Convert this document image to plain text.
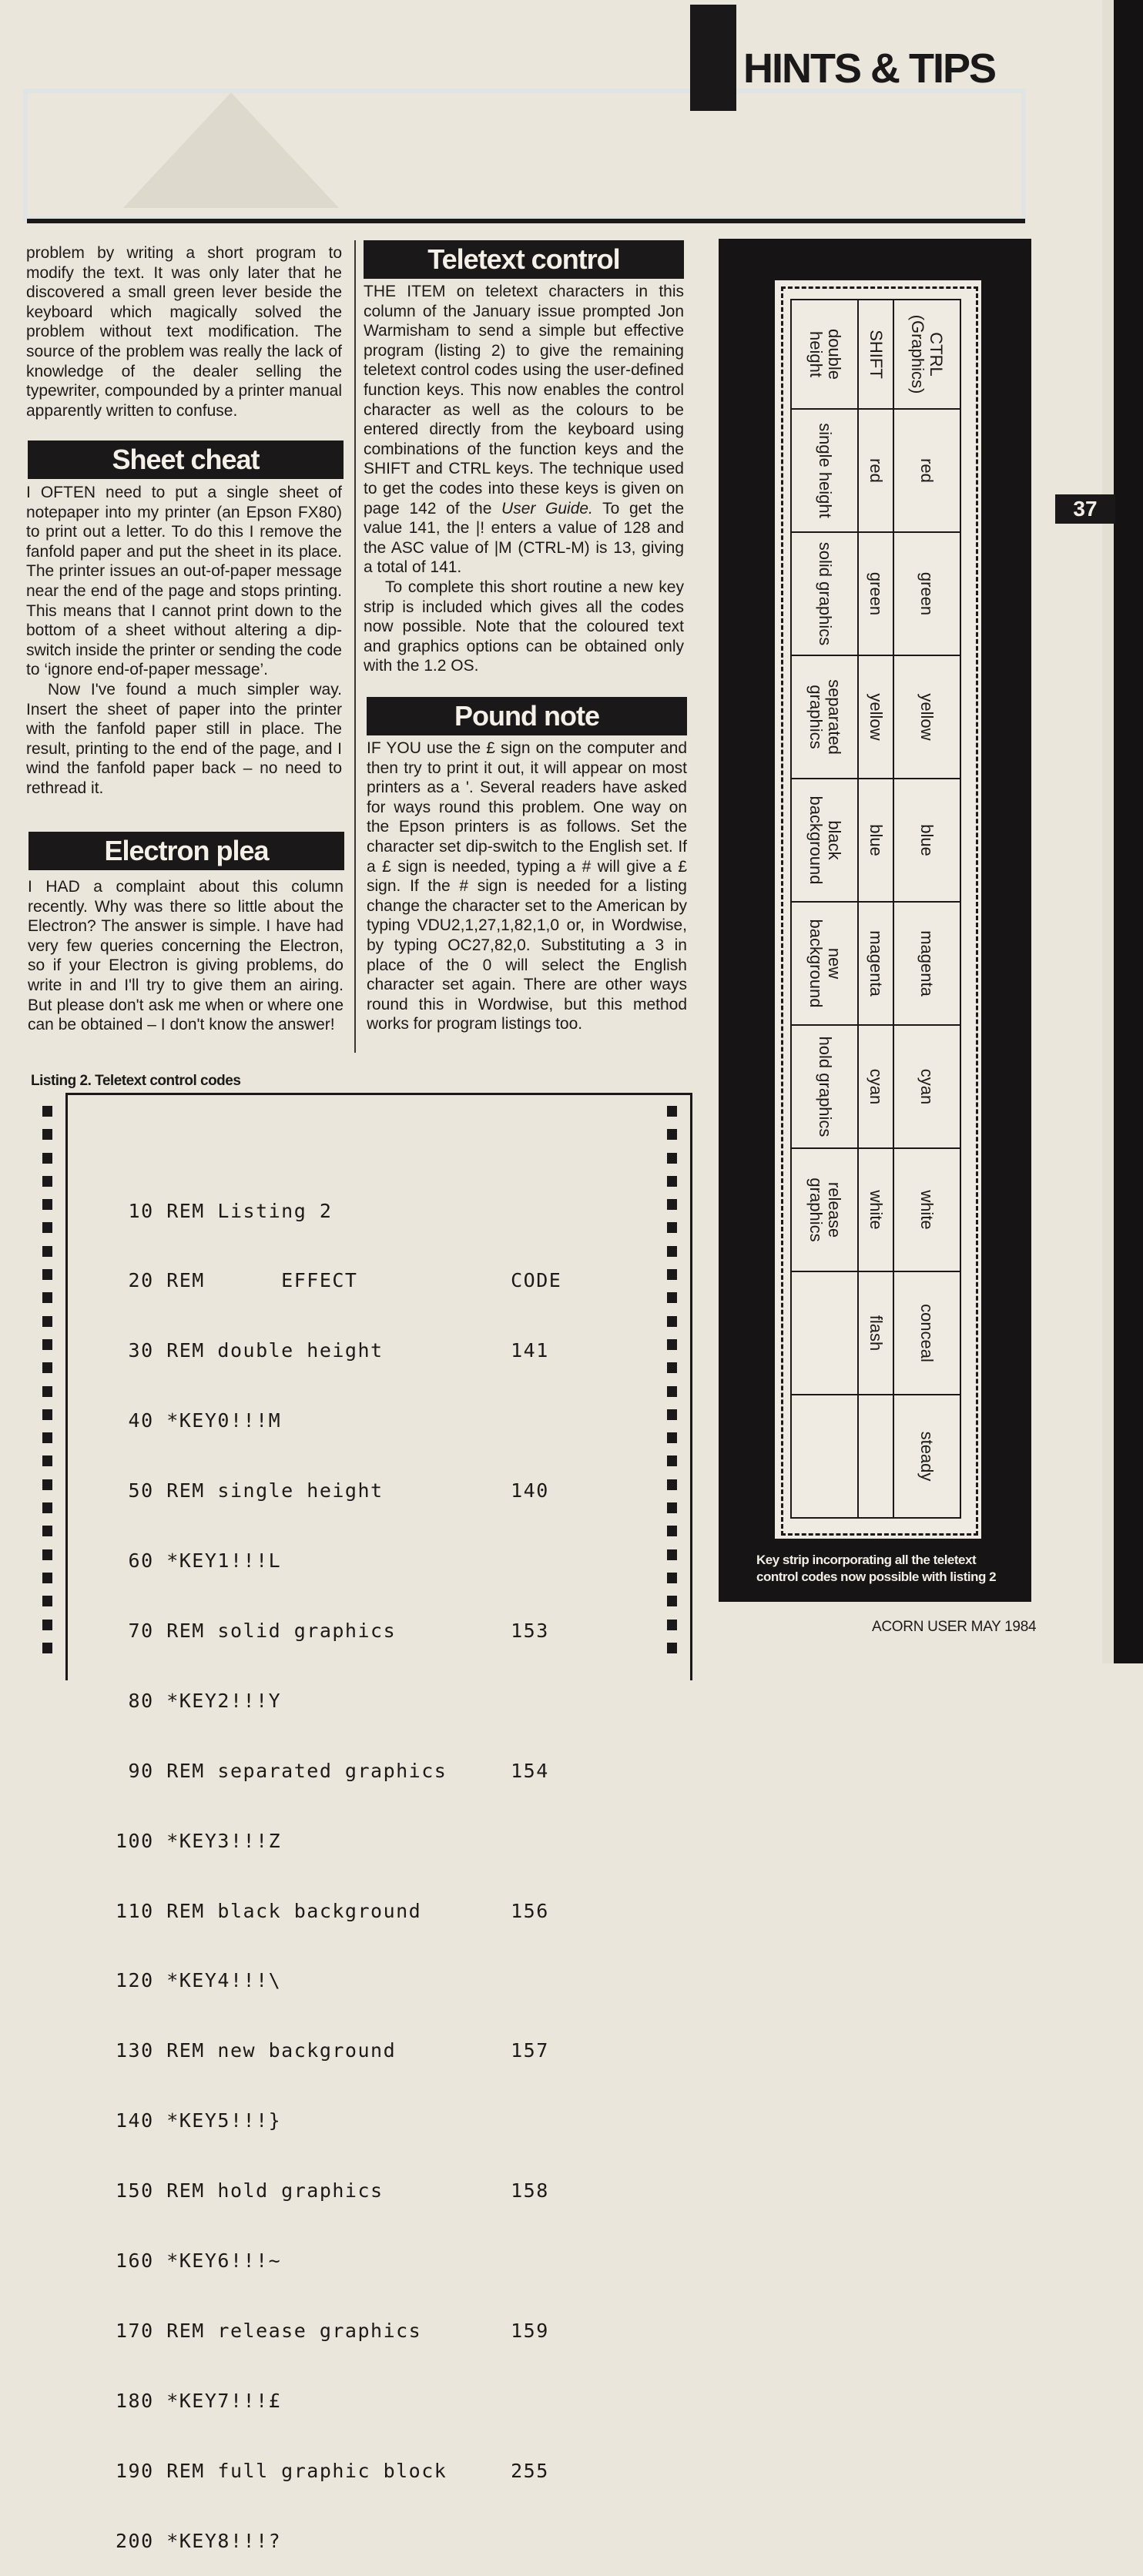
HINTS & TIPS
37

problem by writing a short program to modify the text. It was only later that he discovered a small green lever beside the keyboard which magically solved the problem without text modification. The source of the problem was really the lack of knowledge of the dealer selling the typewriter, compounded by a printer manual apparently written to confuse.

Sheet cheat

I OFTEN need to put a single sheet of notepaper into my printer (an Epson FX80) to print out a letter. To do this I remove the fanfold paper and put the sheet in its place. The printer issues an out-of-paper message near the end of the page and stops printing. This means that I cannot print down to the bottom of a sheet without altering a dip-switch inside the printer or sending the code to ‘ignore end-of-paper message’.

Now I've found a much simpler way. Insert the sheet of paper into the printer with the fanfold paper still in place. The result, printing to the end of the page, and I wind the fanfold paper back – no need to rethread it.

Electron plea

I HAD a complaint about this column recently. Why was there so little about the Electron? The answer is simple. I have had very few queries concerning the Electron, so if your Electron is giving problems, do write in and I'll try to give them an airing. But please don't ask me when or where one can be obtained – I don't know the answer!

Teletext control

THE ITEM on teletext characters in this column of the January issue prompted Jon Warmisham to send a simple but effective program (listing 2) to give the remaining teletext control codes using the user-defined function keys. This now enables the control character as well as the colours to be entered directly from the keyboard using combinations of the function keys and the SHIFT and CTRL keys. The technique used to get the codes into these keys is given on page 142 of the User Guide. To get the value 141, the |! enters a value of 128 and the ASC value of |M (CTRL-M) is 13, giving a total of 141.

To complete this short routine a new key strip is included which gives all the codes now possible. Note that the coloured text and graphics options can be obtained only with the 1.2 OS.

Pound note

IF YOU use the £ sign on the computer and then try to print it out, it will appear on most printers as a '. Several readers have asked for ways round this problem. One way on the Epson printers is as follows. Set the character set dip-switch to the English set. If a £ sign is needed, typing a # will give a £ sign. If the # sign is needed for a listing change the character set to the American by typing VDU2,1,27,1,82,1,0 or, in Wordwise, by typing OC27,82,0. Substituting a 3 in place of the 0 will select the English character set again. There are other ways round this in Wordwise, but this method works for program listings too.

Listing 2. Teletext control codes

10 REM Listing 2

20 REM      EFFECT            CODE

30 REM double height          141

40 *KEY0!!!M

50 REM single height          140

60 *KEY1!!!L

70 REM solid graphics         153

80 *KEY2!!!Y

90 REM separated graphics     154

100 *KEY3!!!Z

110 REM black background       156

120 *KEY4!!!\

130 REM new background         157

140 *KEY5!!!}

150 REM hold graphics          158

160 *KEY6!!!~

170 REM release graphics       159

180 *KEY7!!!£

190 REM full graphic block     255

200 *KEY8!!!?

CTRL (Graphics)	red	green	yellow	blue	magenta	cyan	white	conceal	steady
SHIFT	red	green	yellow	blue	magenta	cyan	white	flash	
double height	single height	solid graphics	separated graphics	black background	new background	hold graphics	release graphics		
Key strip incorporating all the teletext control codes now possible with listing 2
ACORN USER MAY 1984
